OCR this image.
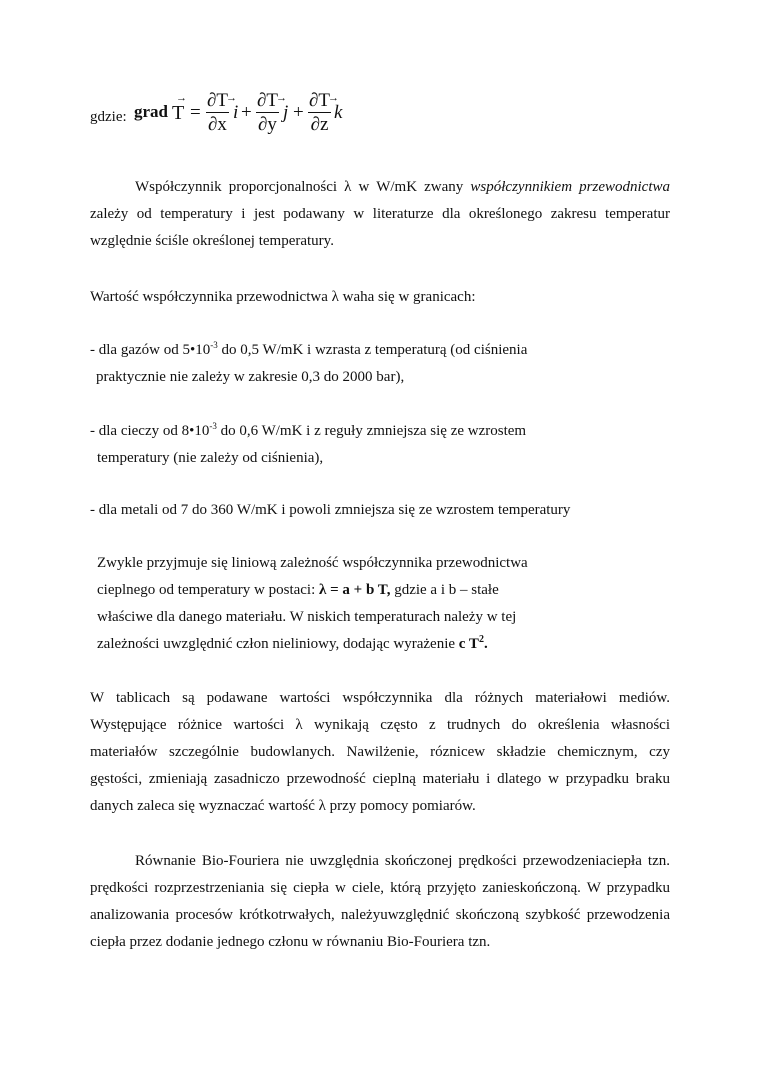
gdzie: grad
→
T =
∂T
∂x
→
i +
∂T
∂y
→
j +
∂T
∂z
→
k
Współczynnik proporcjonalności λ w W/mK zwany współczynnikiem przewodnictwa
zależy od temperatury i jest podawany w literaturze dla określonego zakresu temperatur
względnie ściśle określonej temperatury.
Wartość współczynnika przewodnictwa λ waha się w granicach:
- dla gazów od $5•10^{-3}$ do 0,5 W/mK i wzrasta z temperaturą (od ciśnienia
praktycznie nie zależy w zakresie 0,3 do 2000 bar),
- dla cieczy od $8•10^{-3}$ do 0,6 W/mK i z reguły zmniejsza się ze wzrostem
temperatury (nie zależy od ciśnienia),
- dla metali od 7 do 360 W/mK i powoli zmniejsza się ze wzrostem temperatury
Zwykle przyjmuje się liniową zależność współczynnika przewodnictwa
cieplnego od temperatury w postaci: λ = a + b T, gdzie a i b – stałe
właściwe dla danego materiału. W niskich temperaturach należy w tej
zależności uwzględnić człon nieliniowy, dodając wyrażenie c $T^2$.
W tablicach są podawane wartości współczynnika dla różnych materiałowi mediów.
Występujące różnice wartości λ wynikają często z trudnych do określenia własności
materiałów szczególnie budowlanych. Nawilżenie, róznicew składzie chemicznym, czy
gęstości, zmieniają zasadniczo przewodność cieplną materiału i dlatego w przypadku braku
danych zaleca się wyznaczać wartość λ przy pomocy pomiarów.
Równanie Bio-Fouriera nie uwzględnia skończonej prędkości przewodzeniaciepła tzn.
prędkości rozprzestrzeniania się ciepła w ciele, którą przyjęto zanieskończoną. W przypadku
analizowania procesów krótkotrwałych, należyuwzględnić skończoną szybkość przewodzenia
ciepła przez dodanie jednego członu w równaniu Bio-Fouriera tzn.
